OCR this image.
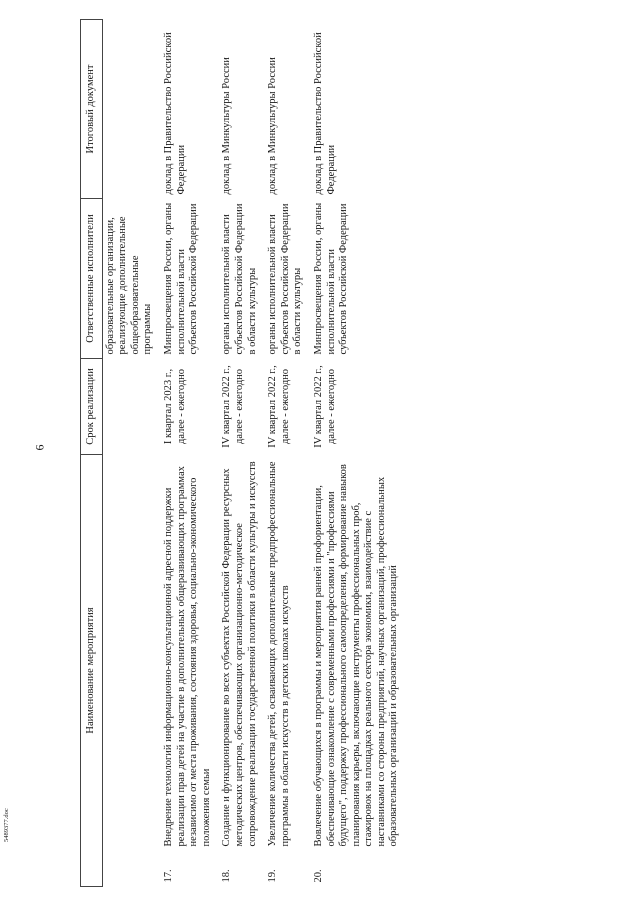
6
5489377.doc
Наименование мероприятия		Срок реализации	Ответственные исполнители	Итоговый документ
			образовательные организации, реализующие дополнительные общеобразовательные программы	
17.	Внедрение технологий информационно-консультационной адресной поддержки реализации прав детей на участие в дополнительных общеразвивающих программах независимо от места проживания, состояния здоровья, социально-экономического положения семьи	I квартал 2023 г., далее - ежегодно	Минпросвещения России, органы исполнительной власти субъектов Российской Федерации	доклад в Правительство Российской Федерации
18.	Создание и функционирование во всех субъектах Российской Федерации ресурсных методических центров, обеспечивающих организационно-методическое сопровождение реализации государственной политики в области культуры и искусств	IV квартал 2022 г., далее - ежегодно	органы исполнительной власти субъектов Российской Федерации в области культуры	доклад в Минкультуры России
19.	Увеличение количества детей, осваивающих дополнительные предпрофессиональные программы в области искусств в детских школах искусств	IV квартал 2022 г., далее - ежегодно	органы исполнительной власти субъектов Российской Федерации в области культуры	доклад в Минкультуры России
20.	Вовлечение обучающихся в программы и мероприятия ранней профориентации, обеспечивающие ознакомление с современными профессиями и "профессиями будущего", поддержку профессионального самоопределения, формирование навыков планирования карьеры, включающие инструменты профессиональных проб, стажировок на площадках реального сектора экономики, взаимодействие с наставниками со стороны предприятий, научных организаций, профессиональных образовательных организаций и образовательных организаций	IV квартал 2022 г., далее - ежегодно	Минпросвещения России, органы исполнительной власти субъектов Российской Федерации	доклад в Правительство Российской Федерации
